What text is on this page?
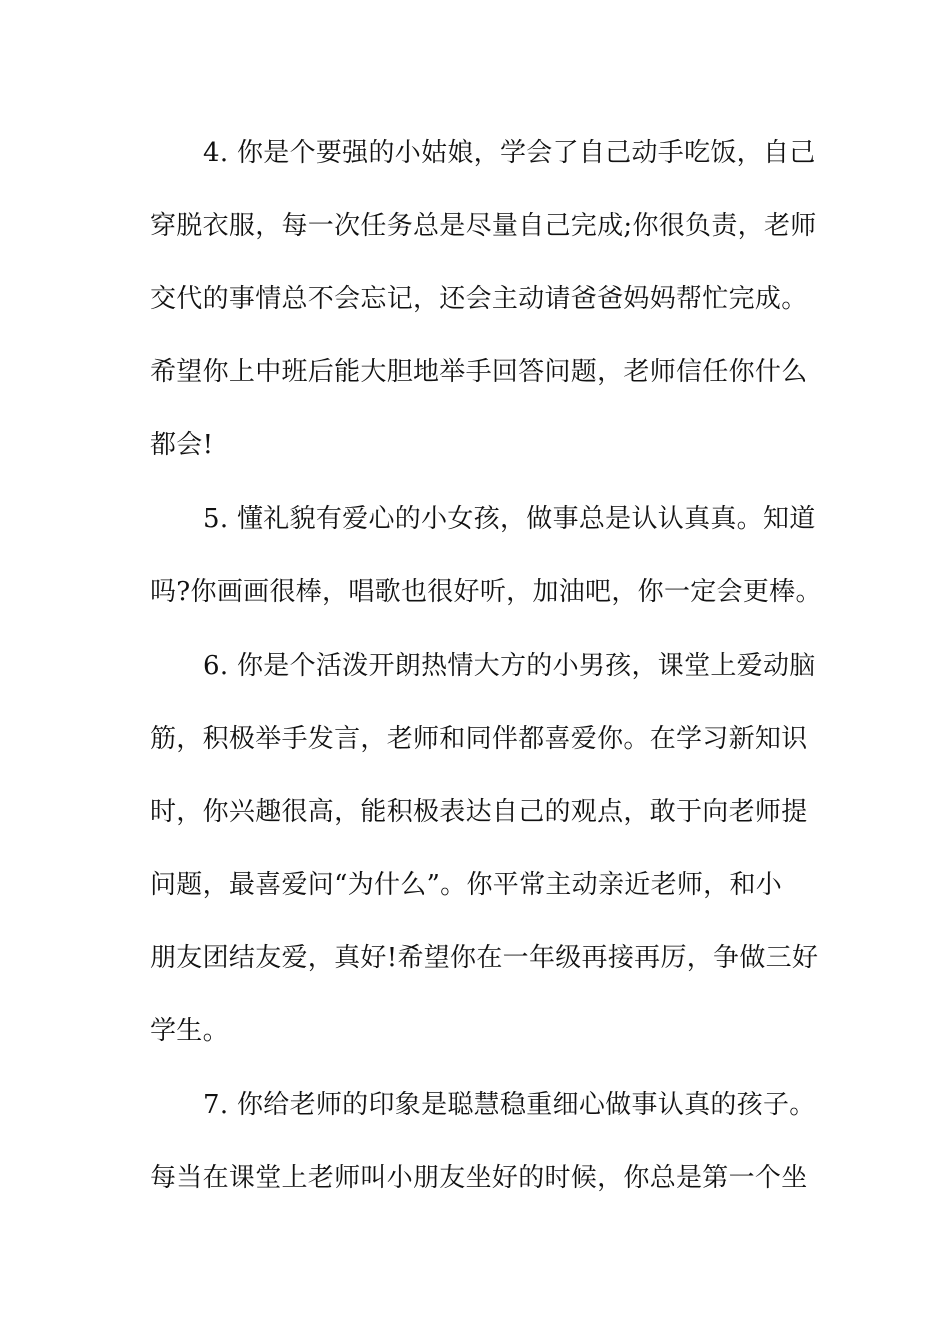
4. 你是个要强的小姑娘，学会了自己动手吃饭，自己
穿脱衣服，每一次任务总是尽量自己完成;你很负责，老师
交代的事情总不会忘记，还会主动请爸爸妈妈帮忙完成。
希望你上中班后能大胆地举手回答问题，老师信任你什么
都会!
5. 懂礼貌有爱心的小女孩，做事总是认认真真。知道
吗?你画画很棒，唱歌也很好听，加油吧，你一定会更棒。
6. 你是个活泼开朗热情大方的小男孩，课堂上爱动脑
筋，积极举手发言，老师和同伴都喜爱你。在学习新知识
时，你兴趣很高，能积极表达自己的观点，敢于向老师提
问题，最喜爱问“为什么”。你平常主动亲近老师，和小
朋友团结友爱，真好!希望你在一年级再接再厉，争做三好
学生。
7. 你给老师的印象是聪慧稳重细心做事认真的孩子。
每当在课堂上老师叫小朋友坐好的时候，你总是第一个坐
